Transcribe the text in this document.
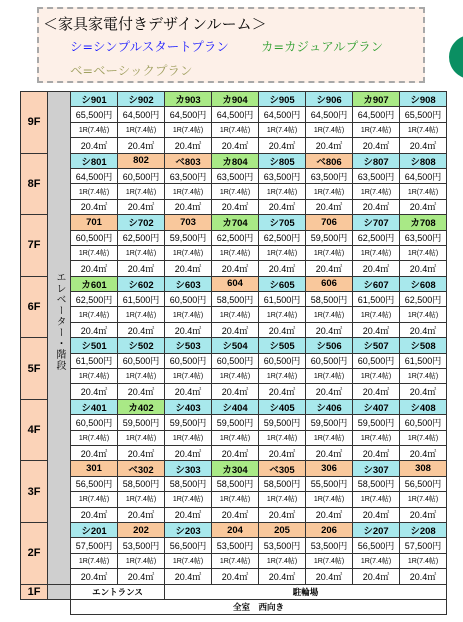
＜家具家電付きデザインルーム＞
シ=シンプルスタートプラン	カ=カジュアルプラン
ベ=ベーシックプラン
9F	エレベーター・階段	シ901	シ902	カ903	カ904	シ905	シ906	カ907	シ908
		65,500円	64,500円	64,500円	64,500円	64,500円	64,500円	64,500円	65,500円
		1R(7.4帖)	1R(7.4帖)	1R(7.4帖)	1R(7.4帖)	1R(7.4帖)	1R(7.4帖)	1R(7.4帖)	1R(7.4帖)
		20.4㎡	20.4㎡	20.4㎡	20.4㎡	20.4㎡	20.4㎡	20.4㎡	20.4㎡
8F		シ801	802	ベ803	カ804	シ805	ベ806	シ807	シ808
		64,500円	60,500円	63,500円	63,500円	63,500円	63,500円	63,500円	64,500円
		1R(7.4帖)	1R(7.4帖)	1R(7.4帖)	1R(7.4帖)	1R(7.4帖)	1R(7.4帖)	1R(7.4帖)	1R(7.4帖)
		20.4㎡	20.4㎡	20.4㎡	20.4㎡	20.4㎡	20.4㎡	20.4㎡	20.4㎡
7F		701	シ702	703	カ704	シ705	706	シ707	カ708
		60,500円	62,500円	59,500円	62,500円	62,500円	59,500円	62,500円	63,500円
		1R(7.4帖)	1R(7.4帖)	1R(7.4帖)	1R(7.4帖)	1R(7.4帖)	1R(7.4帖)	1R(7.4帖)	1R(7.4帖)
		20.4㎡	20.4㎡	20.4㎡	20.4㎡	20.4㎡	20.4㎡	20.4㎡	20.4㎡
6F		カ601	シ602	シ603	604	シ605	606	シ607	シ608
		62,500円	61,500円	60,500円	58,500円	61,500円	58,500円	61,500円	62,500円
		1R(7.4帖)	1R(7.4帖)	1R(7.4帖)	1R(7.4帖)	1R(7.4帖)	1R(7.4帖)	1R(7.4帖)	1R(7.4帖)
		20.4㎡	20.4㎡	20.4㎡	20.4㎡	20.4㎡	20.4㎡	20.4㎡	20.4㎡
5F		シ501	シ502	シ503	シ504	シ505	シ506	シ507	シ508
		61,500円	60,500円	60,500円	60,500円	60,500円	60,500円	60,500円	61,500円
		1R(7.4帖)	1R(7.4帖)	1R(7.4帖)	1R(7.4帖)	1R(7.4帖)	1R(7.4帖)	1R(7.4帖)	1R(7.4帖)
		20.4㎡	20.4㎡	20.4㎡	20.4㎡	20.4㎡	20.4㎡	20.4㎡	20.4㎡
4F		シ401	カ402	シ403	シ404	シ405	シ406	シ407	シ408
		60,500円	59,500円	59,500円	59,500円	59,500円	59,500円	59,500円	60,500円
		1R(7.4帖)	1R(7.4帖)	1R(7.4帖)	1R(7.4帖)	1R(7.4帖)	1R(7.4帖)	1R(7.4帖)	1R(7.4帖)
		20.4㎡	20.4㎡	20.4㎡	20.4㎡	20.4㎡	20.4㎡	20.4㎡	20.4㎡
3F		301	ベ302	シ303	カ304	ベ305	306	シ307	308
		56,500円	58,500円	58,500円	58,500円	58,500円	55,500円	58,500円	56,500円
		1R(7.4帖)	1R(7.4帖)	1R(7.4帖)	1R(7.4帖)	1R(7.4帖)	1R(7.4帖)	1R(7.4帖)	1R(7.4帖)
		20.4㎡	20.4㎡	20.4㎡	20.4㎡	20.4㎡	20.4㎡	20.4㎡	20.4㎡
2F		シ201	202	シ203	204	205	206	シ207	シ208
		57,500円	53,500円	56,500円	53,500円	53,500円	53,500円	56,500円	57,500円
		1R(7.4帖)	1R(7.4帖)	1R(7.4帖)	1R(7.4帖)	1R(7.4帖)	1R(7.4帖)	1R(7.4帖)	1R(7.4帖)
		20.4㎡	20.4㎡	20.4㎡	20.4㎡	20.4㎡	20.4㎡	20.4㎡	20.4㎡
1F		エントランス		駐輪場					
		全室　西向き							
